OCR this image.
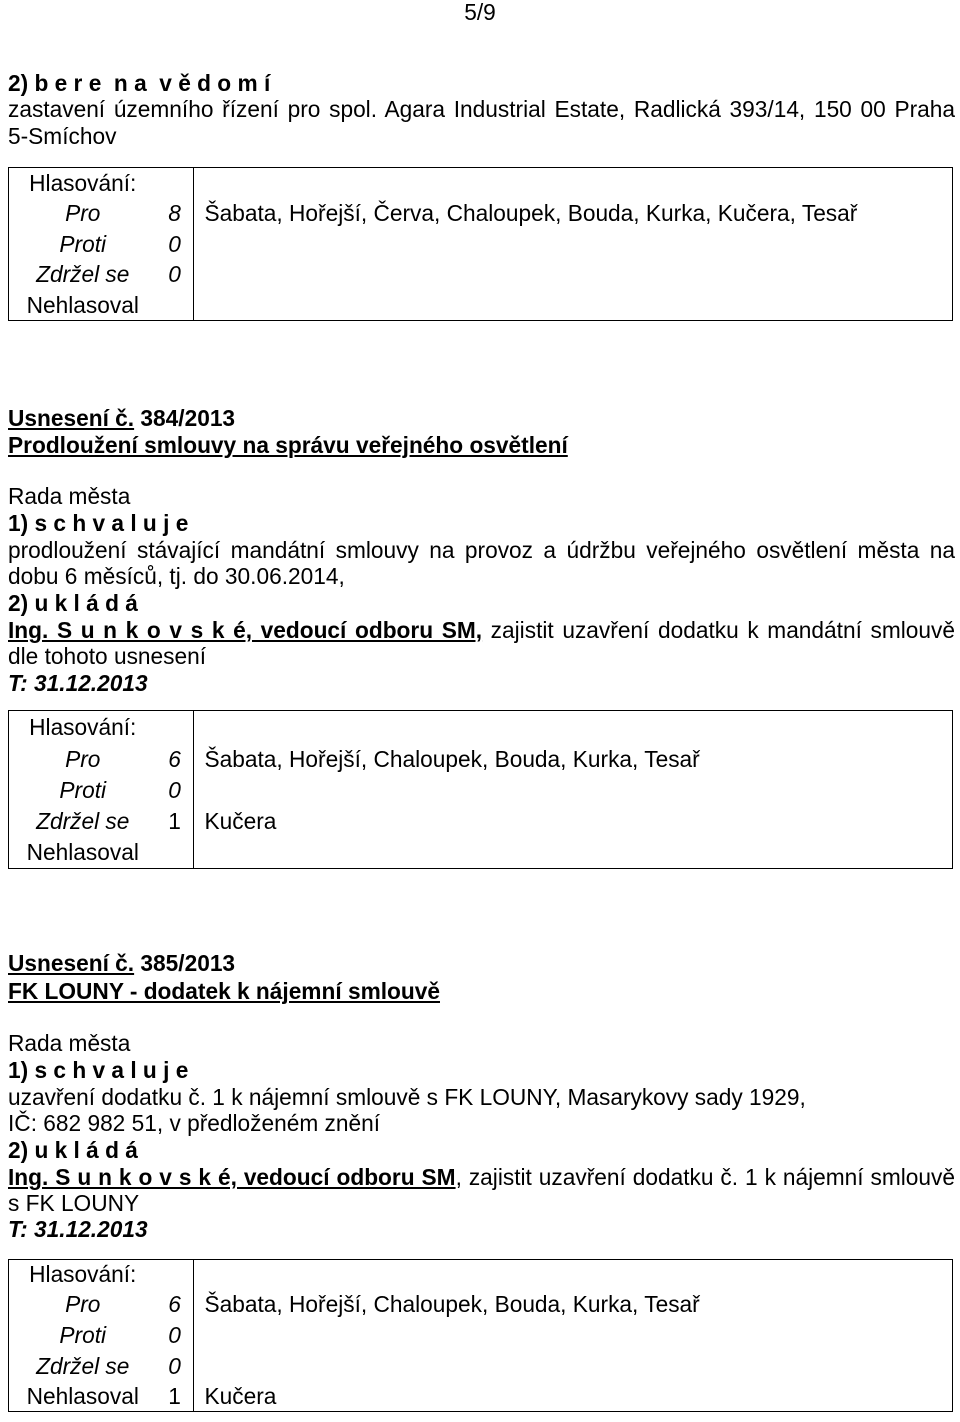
5/9
2) b e r e  n a  v ě d o m í
zastavení územního řízení pro spol. Agara Industrial Estate, Radlická 393/14, 150 00 Praha
5-Smíchov
Hlasování:
Pro	8	Šabata, Hořejší, Červa, Chaloupek, Bouda, Kurka, Kučera, Tesař
Proti	0
Zdržel se	0
Nehlasoval
Usnesení č. 384/2013
Prodloužení smlouvy na správu veřejného osvětlení
Rada města
1) s c h v a l u j e
prodloužení stávající mandátní smlouvy na provoz a údržbu veřejného osvětlení města na
dobu 6 měsíců, tj. do 30.06.2014,
2) u k l á d á
Ing. S u n k o v s k é, vedoucí odboru SM, zajistit uzavření dodatku k mandátní smlouvě
dle tohoto usnesení
T: 31.12.2013
Hlasování:
Pro	6	Šabata, Hořejší, Chaloupek, Bouda, Kurka, Tesař
Proti	0
Zdržel se	1	Kučera
Nehlasoval
Usnesení č. 385/2013
FK LOUNY - dodatek k nájemní smlouvě
Rada města
1) s c h v a l u j e
uzavření dodatku č. 1 k nájemní smlouvě s FK LOUNY, Masarykovy sady 1929,
IČ: 682 982 51, v předloženém znění
2) u k l á d á
Ing. S u n k o v s k é, vedoucí odboru SM, zajistit uzavření dodatku č. 1 k nájemní smlouvě
s FK LOUNY
T: 31.12.2013
Hlasování:
Pro	6	Šabata, Hořejší, Chaloupek, Bouda, Kurka, Tesař
Proti	0
Zdržel se	0
Nehlasoval	1	Kučera
